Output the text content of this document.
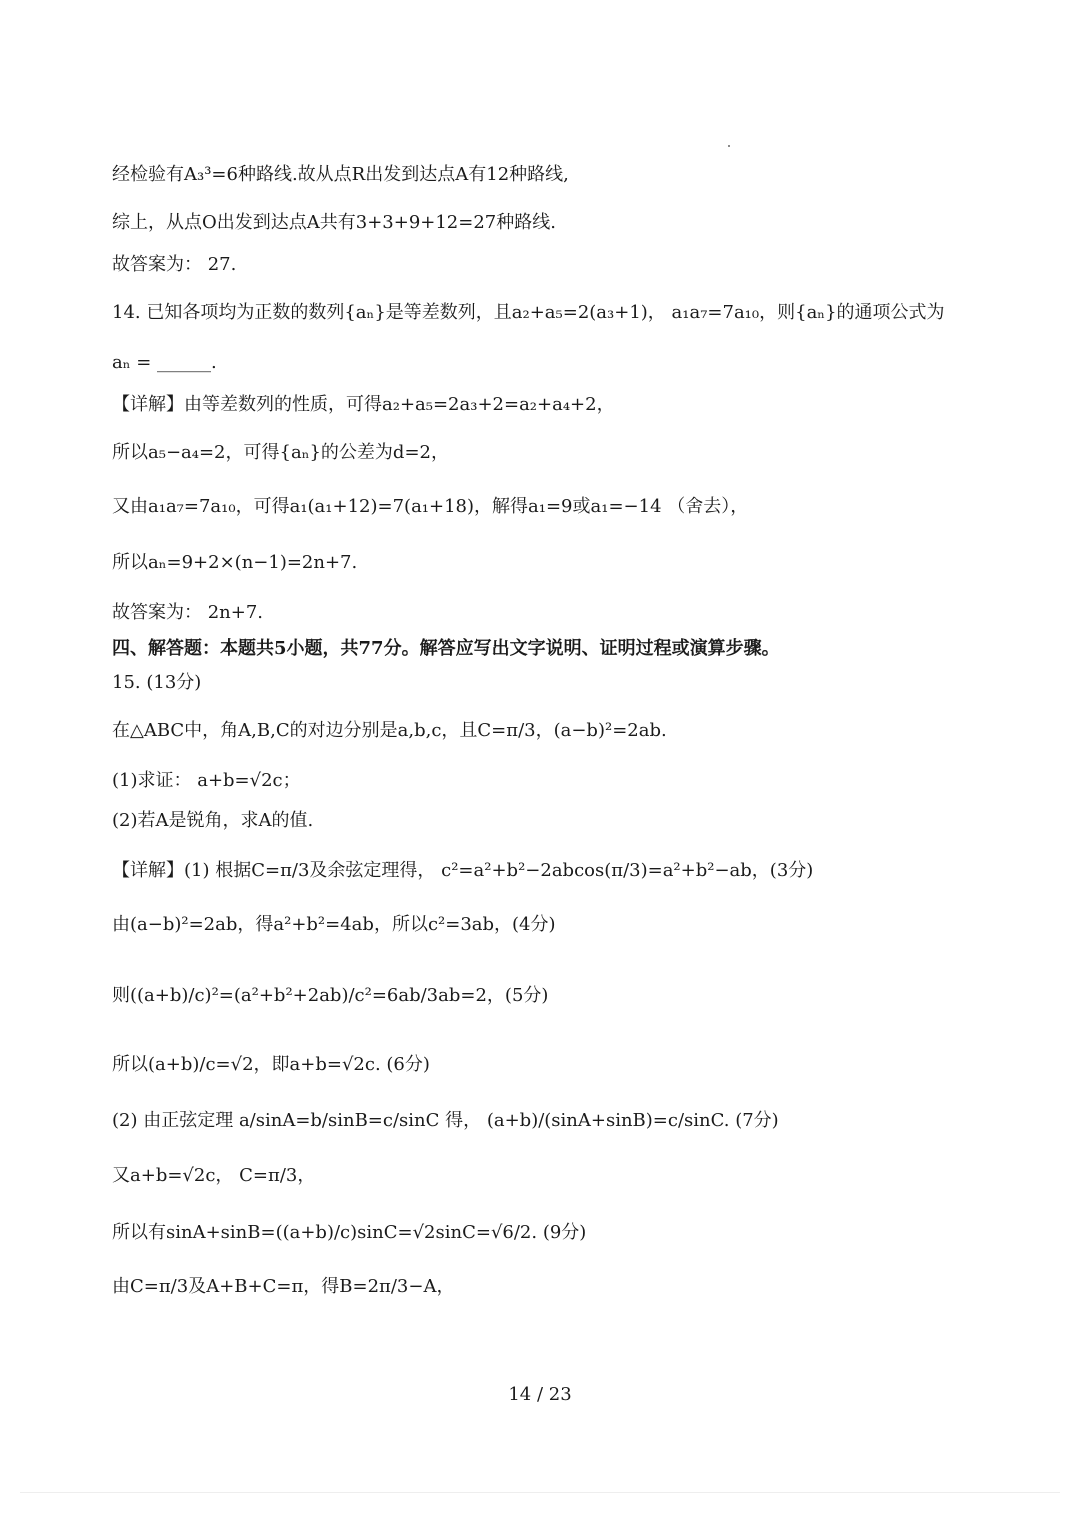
经检验有A₃³=6种路线.故从点R出发到达点A有12种路线,
综上，从点O出发到达点A共有3+3+9+12=27种路线.
故答案为： 27.
14. 已知各项均为正数的数列{aₙ}是等差数列，且a₂+a₅=2(a₃+1)， a₁a₇=7a₁₀，则{aₙ}的通项公式为
aₙ = ______.
【详解】由等差数列的性质，可得a₂+a₅=2a₃+2=a₂+a₄+2，
所以a₅−a₄=2，可得{aₙ}的公差为d=2，
又由a₁a₇=7a₁₀，可得a₁(a₁+12)=7(a₁+18)，解得a₁=9或a₁=−14 （舍去），
所以aₙ=9+2×(n−1)=2n+7.
故答案为： 2n+7.
四、解答题：本题共5小题，共77分。解答应写出文字说明、证明过程或演算步骤。
15. (13分)
在△ABC中，角A,B,C的对边分别是a,b,c，且C=π/3，(a−b)²=2ab.
(1)求证： a+b=√2c；
(2)若A是锐角，求A的值.
【详解】(1) 根据C=π/3及余弦定理得， c²=a²+b²−2abcos(π/3)=a²+b²−ab，(3分)
由(a−b)²=2ab，得a²+b²=4ab，所以c²=3ab，(4分)
则((a+b)/c)²=(a²+b²+2ab)/c²=6ab/3ab=2，(5分)
所以(a+b)/c=√2，即a+b=√2c. (6分)
(2) 由正弦定理 a/sinA=b/sinB=c/sinC 得， (a+b)/(sinA+sinB)=c/sinC. (7分)
又a+b=√2c， C=π/3，
所以有sinA+sinB=((a+b)/c)sinC=√2sinC=√6/2. (9分)
由C=π/3及A+B+C=π，得B=2π/3−A，
14 / 23
